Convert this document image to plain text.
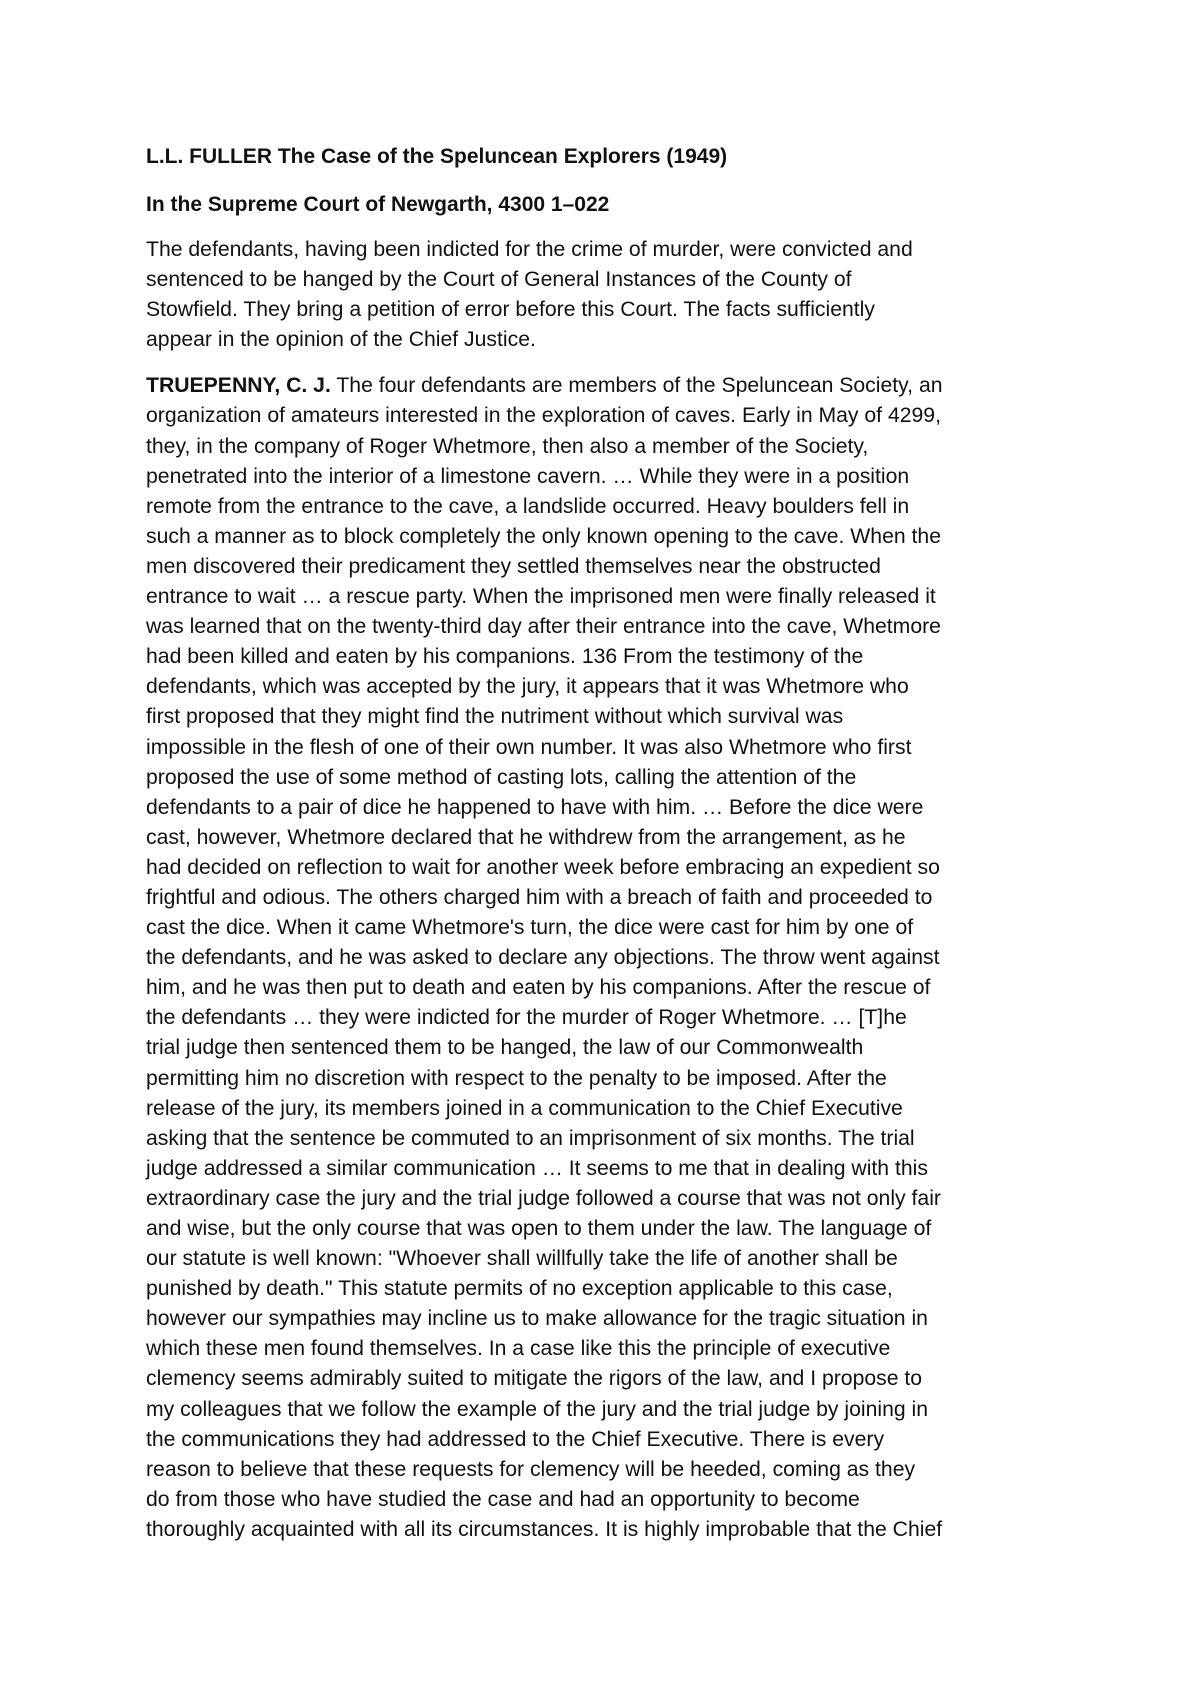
L.L. FULLER The Case of the Speluncean Explorers (1949)
In the Supreme Court of Newgarth, 4300 1–022
The defendants, having been indicted for the crime of murder, were convicted and
sentenced to be hanged by the Court of General Instances of the County of
Stowfield. They bring a petition of error before this Court. The facts sufficiently
appear in the opinion of the Chief Justice.
TRUEPENNY, C. J. The four defendants are members of the Speluncean Society, an
organization of amateurs interested in the exploration of caves. Early in May of 4299,
they, in the company of Roger Whetmore, then also a member of the Society,
penetrated into the interior of a limestone cavern. … While they were in a position
remote from the entrance to the cave, a landslide occurred. Heavy boulders fell in
such a manner as to block completely the only known opening to the cave. When the
men discovered their predicament they settled themselves near the obstructed
entrance to wait … a rescue party. When the imprisoned men were finally released it
was learned that on the twenty-third day after their entrance into the cave, Whetmore
had been killed and eaten by his companions. 136 From the testimony of the
defendants, which was accepted by the jury, it appears that it was Whetmore who
first proposed that they might find the nutriment without which survival was
impossible in the flesh of one of their own number. It was also Whetmore who first
proposed the use of some method of casting lots, calling the attention of the
defendants to a pair of dice he happened to have with him. … Before the dice were
cast, however, Whetmore declared that he withdrew from the arrangement, as he
had decided on reflection to wait for another week before embracing an expedient so
frightful and odious. The others charged him with a breach of faith and proceeded to
cast the dice. When it came Whetmore's turn, the dice were cast for him by one of
the defendants, and he was asked to declare any objections. The throw went against
him, and he was then put to death and eaten by his companions. After the rescue of
the defendants … they were indicted for the murder of Roger Whetmore. … [T]he
trial judge then sentenced them to be hanged, the law of our Commonwealth
permitting him no discretion with respect to the penalty to be imposed. After the
release of the jury, its members joined in a communication to the Chief Executive
asking that the sentence be commuted to an imprisonment of six months. The trial
judge addressed a similar communication … It seems to me that in dealing with this
extraordinary case the jury and the trial judge followed a course that was not only fair
and wise, but the only course that was open to them under the law. The language of
our statute is well known: "Whoever shall willfully take the life of another shall be
punished by death." This statute permits of no exception applicable to this case,
however our sympathies may incline us to make allowance for the tragic situation in
which these men found themselves. In a case like this the principle of executive
clemency seems admirably suited to mitigate the rigors of the law, and I propose to
my colleagues that we follow the example of the jury and the trial judge by joining in
the communications they had addressed to the Chief Executive. There is every
reason to believe that these requests for clemency will be heeded, coming as they
do from those who have studied the case and had an opportunity to become
thoroughly acquainted with all its circumstances. It is highly improbable that the Chief
